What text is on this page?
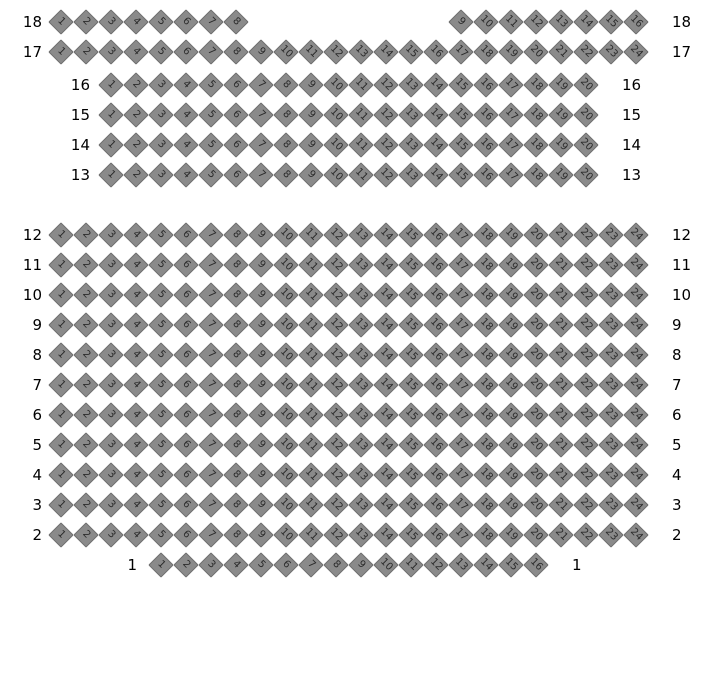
1	2	3	4	5	6	7	8	9	10 11 12 13 14 15 16
18	18
1	2	3	4	5	6	7	8	9	10 11 12 13 14 15 16 17 18 19 20 21 22 23 24
17	17
1	2	3	4	5	6	7	8	9	10 11 12 13 14 15 16 17 18 19 20
16	16
1	2	3	4	5	6	7	8	9	10 11 12 13 14 15 16 17 18 19 20
15	15
1	2	3	4	5	6	7	8	9	10 11 12 13 14 15 16 17 18 19 20
14	14
1	2	3	4	5	6	7	8	9	10 11 12 13 14 15 16 17 18 19 20
13	13
1	2	3	4	5	6	7	8	9	10 11 12 13 14 15 16 17 18 19 20 21 22 23 24
12	12
1	2	3	4	5	6	7	8	9	10 11 12 13 14 15 16 17 18 19 20 21 22 23 24
11	11
1	2	3	4	5	6	7	8	9	10 11 12 13 14 15 16 17 18 19 20 21 22 23 24
10	10
1	2	3	4	5	6	7	8	9	10 11 12 13 14 15 16 17 18 19 20 21 22 23 24
9	9
1	2	3	4	5	6	7	8	9	10 11 12 13 14 15 16 17 18 19 20 21 22 23 24
8	8
1	2	3	4	5	6	7	8	9	10 11 12 13 14 15 16 17 18 19 20 21 22 23 24
7	7
1	2	3	4	5	6	7	8	9	10 11 12 13 14 15 16 17 18 19 20 21 22 23 24
6	6
1	2	3	4	5	6	7	8	9	10 11 12 13 14 15 16 17 18 19 20 21 22 23 24
5	5
1	2	3	4	5	6	7	8	9	10 11 12 13 14 15 16 17 18 19 20 21 22 23 24
4	4
1	2	3	4	5	6	7	8	9	10 11 12 13 14 15 16 17 18 19 20 21 22 23 24
3	3
1	2	3	4	5	6	7	8	9	10 11 12 13 14 15 16 17 18 19 20 21 22 23 24
2	2
1	2	3	4	5	6	7	8	9	10 11 12 13 14 15 16
1	1
